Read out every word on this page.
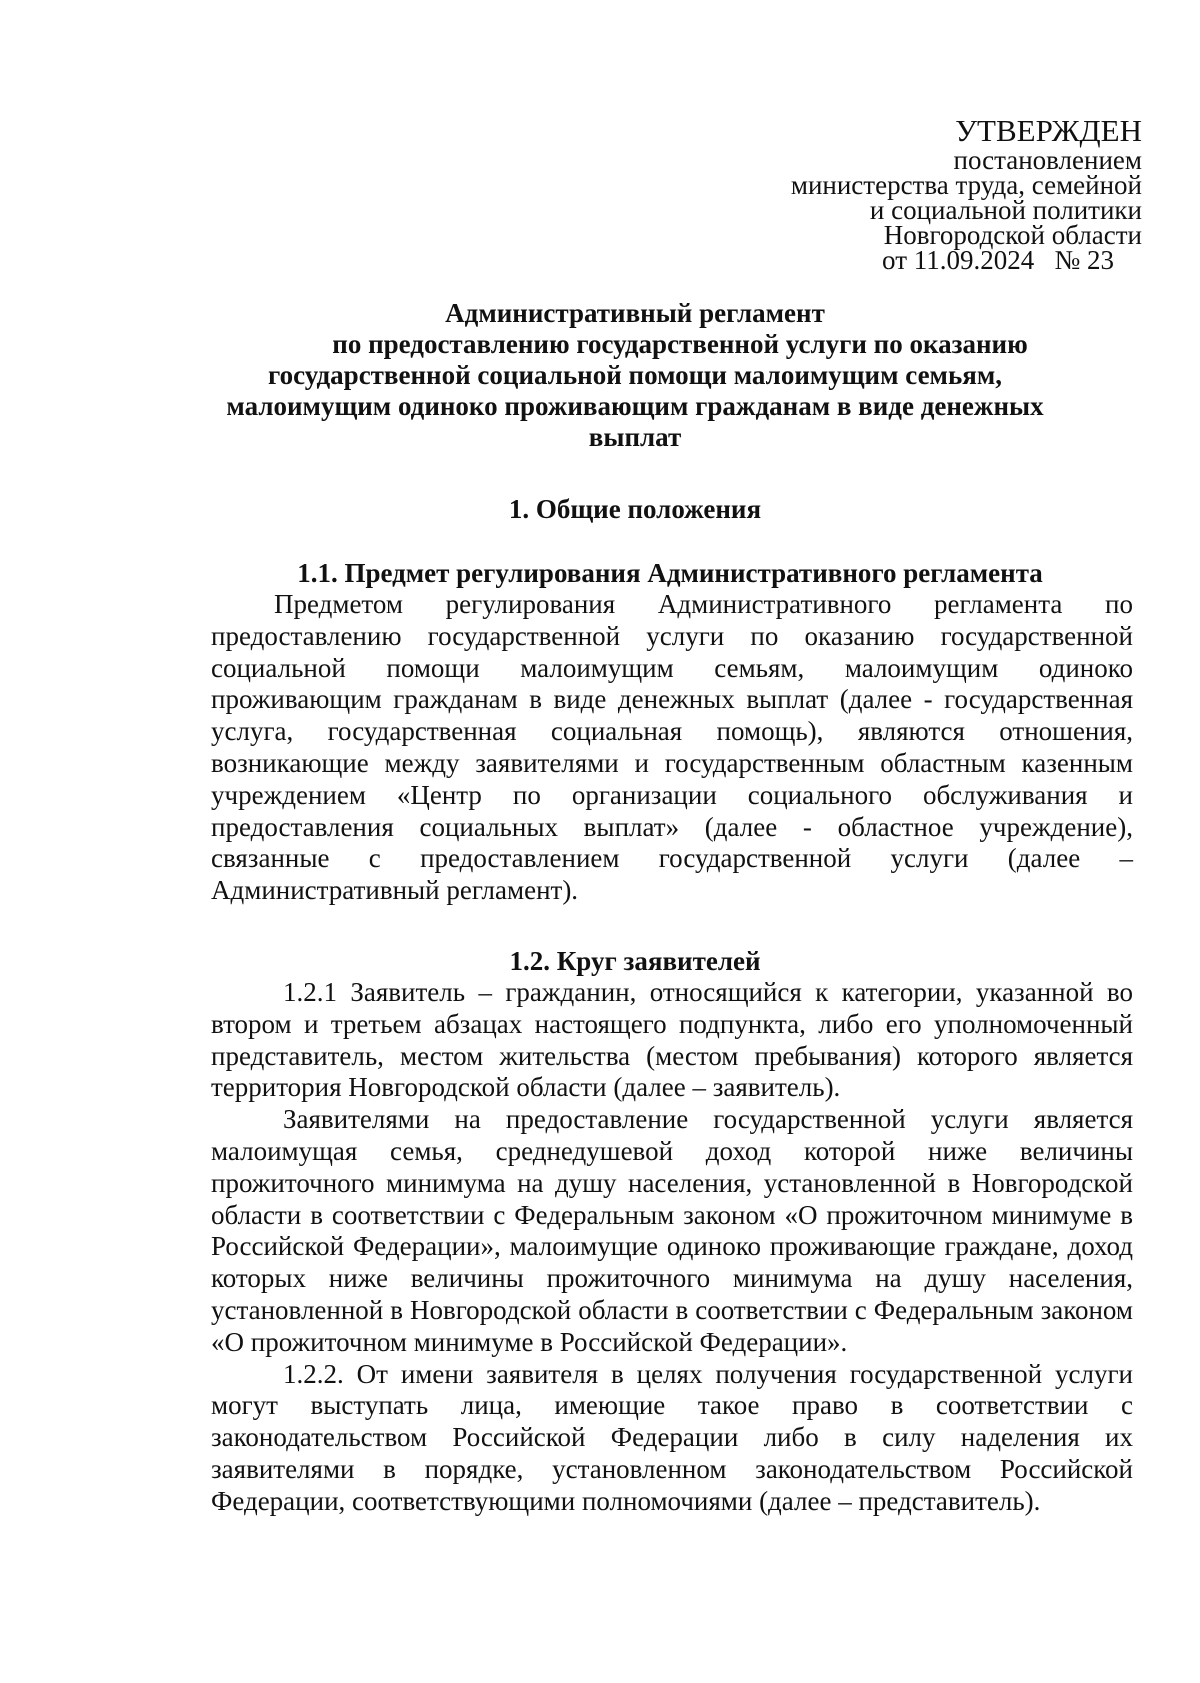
УТВЕРЖДЕН
постановлением
министерства труда, семейной
и социальной политики
Новгородской области
от 11.09.2024   № 23
Административный регламент
по предоставлению государственной услуги по оказанию
государственной социальной помощи малоимущим семьям,
малоимущим одиноко проживающим гражданам в виде денежных
выплат
1. Общие положения
1.1. Предмет регулирования Административного регламента

Предметом регулирования Административного регламента по предоставлению государственной услуги по оказанию государственной социальной помощи малоимущим семьям, малоимущим одиноко проживающим гражданам в виде денежных выплат (далее - государственная услуга, государственная социальная помощь), являются отношения, возникающие между заявителями и государственным областным казенным учреждением «Центр по организации социального обслуживания и предоставления социальных выплат» (далее - областное учреждение), связанные с предоставлением государственной услуги (далее – Административный регламент).

1.2. Круг заявителей

1.2.1 Заявитель – гражданин, относящийся к категории, указанной во втором и третьем абзацах настоящего подпункта, либо его уполномоченный представитель, местом жительства (местом пребывания) которого является территория Новгородской области (далее – заявитель).

Заявителями на предоставление государственной услуги является малоимущая семья, среднедушевой доход которой ниже величины прожиточного минимума на душу населения, установленной в Новгородской области в соответствии с Федеральным законом «О прожиточном минимуме в Российской Федерации», малоимущие одиноко проживающие граждане, доход которых ниже величины прожиточного минимума на душу населения, установленной в Новгородской области в соответствии с Федеральным законом «О прожиточном минимуме в Российской Федерации».

1.2.2. От имени заявителя в целях получения государственной услуги могут выступать лица, имеющие такое право в соответствии с законодательством Российской Федерации либо в силу наделения их заявителями в порядке, установленном законодательством Российской Федерации, соответствующими полномочиями (далее – представитель).
